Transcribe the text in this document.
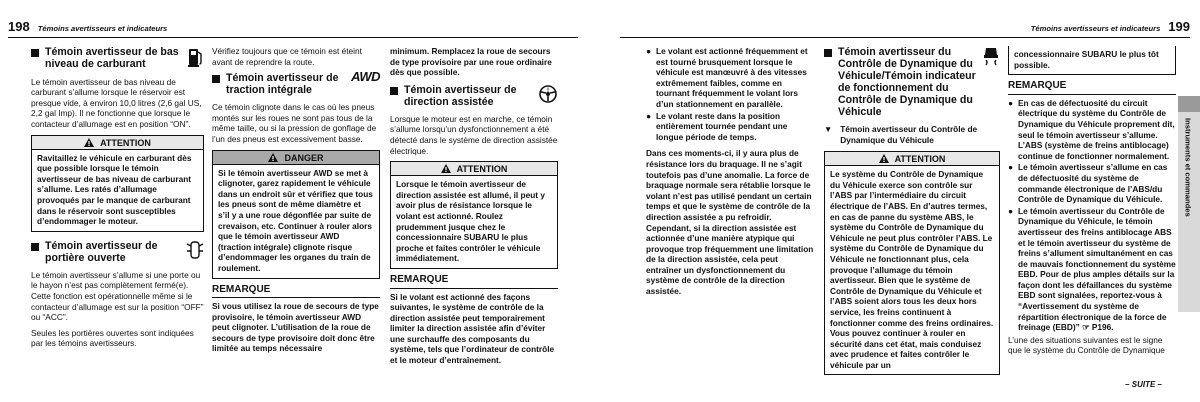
198 Témoins avertisseurs et indicateurs
Témoin avertisseur de bas niveau de carburant

Le témoin avertisseur de bas niveau de carburant s’allume lorsque le réservoir est presque vide, à environ 10,0 litres (2,6 gal US, 2,2 gal Imp). Il ne fonctionne que lorsque le contacteur d’allumage est en position “ON”.

ATTENTION
Ravitaillez le véhicule en carburant dès que possible lorsque le témoin avertisseur de bas niveau de carburant s’allume. Les ratés d’allumage provoqués par le manque de carburant dans le réservoir sont susceptibles d’endommager le moteur.
Témoin avertisseur de portière ouverte

Le témoin avertisseur s’allume si une porte ou le hayon n’est pas complètement fermé(e). Cette fonction est opérationnelle même si le contacteur d’allumage est sur la position “OFF” ou “ACC”.

Seules les portières ouvertes sont indiquées par les témoins avertisseurs.

Vérifiez toujours que ce témoin est éteint avant de reprendre la route.

Témoin avertisseur de traction intégrale
AWD

Ce témoin clignote dans le cas où les pneus montés sur les roues ne sont pas tous de la même taille, ou si la pression de gonflage de l’un des pneus est excessivement basse.

DANGER
Si le témoin avertisseur AWD se met à clignoter, garez rapidement le véhicule dans un endroit sûr et vérifiez que tous les pneus sont de même diamètre et s’il y a une roue dégonflée par suite de crevaison, etc. Continuer à rouler alors que le témoin avertisseur AWD (traction intégrale) clignote risque d’endommager les organes du train de roulement.
REMARQUE

Si vous utilisez la roue de secours de type provisoire, le témoin avertisseur AWD peut clignoter. L’utilisation de la roue de secours de type provisoire doit donc être limitée au temps nécessaire

minimum. Remplacez la roue de secours de type provisoire par une roue ordinaire dès que possible.

Témoin avertisseur de direction assistée
!

Lorsque le moteur est en marche, ce témoin s’allume lorsqu’un dysfonctionnement a été détecté dans le système de direction assistée électrique.

ATTENTION
Lorsque le témoin avertisseur de direction assistée est allumé, il peut y avoir plus de résistance lorsque le volant est actionné. Roulez prudemment jusque chez le concessionnaire SUBARU le plus proche et faites contrôler le véhicule immédiatement.
REMARQUE

Si le volant est actionné des façons suivantes, le système de contrôle de la direction assistée peut temporairement limiter la direction assistée afin d’éviter une surchauffe des composants du système, tels que l’ordinateur de contrôle et le moteur d’entraînement.

Témoins avertisseurs et indicateurs 199
● Le volant est actionné fréquemment et est tourné brusquement lorsque le véhicule est manœuvré à des vitesses extrêmement faibles, comme en tournant fréquemment le volant lors d’un stationnement en parallèle.
● Le volant reste dans la position entièrement tournée pendant une longue période de temps.

Dans ces moments-ci, il y aura plus de résistance lors du braquage. Il ne s’agit toutefois pas d’une anomalie. La force de braquage normale sera rétablie lorsque le volant n’est pas utilisé pendant un certain temps et que le système de contrôle de la direction assistée a pu refroidir. Cependant, si la direction assistée est actionnée d’une manière atypique qui provoque trop fréquemment une limitation de la direction assistée, cela peut entraîner un dysfonctionnement du système de contrôle de la direction assistée.

Témoin avertisseur du Contrôle de Dynamique du Véhicule/Témoin indicateur de fonctionnement du Contrôle de Dynamique du Véhicule
▼ Témoin avertisseur du Contrôle de Dynamique du Véhicule
ATTENTION
Le système du Contrôle de Dynamique du Véhicule exerce son contrôle sur l’ABS par l’intermédiaire du circuit électrique de l’ABS. En d’autres termes, en cas de panne du système ABS, le système du Contrôle de Dynamique du Véhicule ne peut plus contrôler l’ABS. Le système du Contrôle de Dynamique du Véhicule ne fonctionnant plus, cela provoque l’allumage du témoin avertisseur. Bien que le système de Contrôle de Dynamique du Véhicule et l’ABS soient alors tous les deux hors service, les freins continuent à fonctionner comme des freins ordinaires. Vous pouvez continuer à rouler en sécurité dans cet état, mais conduisez avec prudence et faites contrôler le véhicule par un
concessionnaire SUBARU le plus tôt possible.
REMARQUE
● En cas de défectuosité du circuit électrique du système du Contrôle de Dynamique du Véhicule proprement dit, seul le témoin avertisseur s’allume. L’ABS (système de freins antiblocage) continue de fonctionner normalement.
● Le témoin avertisseur s’allume en cas de défectuosité du système de commande électronique de l’ABS/du Contrôle de Dynamique du Véhicule.
● Le témoin avertisseur du Contrôle de Dynamique du Véhicule, le témoin avertisseur des freins antiblocage ABS et le témoin avertisseur du système de freins s’allument simultanément en cas de mauvais fonctionnement du système EBD. Pour de plus amples détails sur la façon dont les défaillances du système EBD sont signalées, reportez-vous à “Avertissement du système de répartition électronique de la force de freinage (EBD)” ☞ P196.

L’une des situations suivantes est le signe que le système du Contrôle de Dynamique

– SUITE –
Instruments et commandes
